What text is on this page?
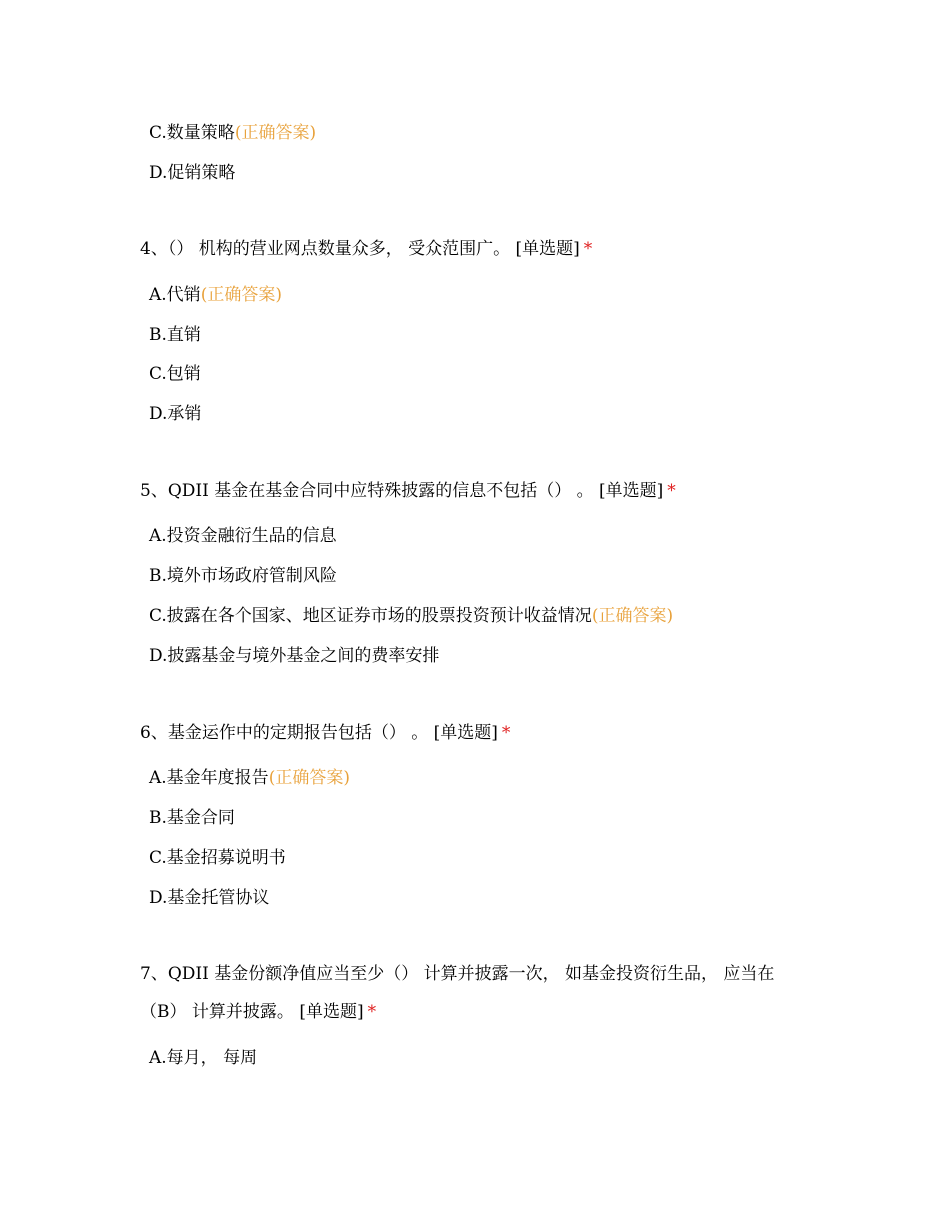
C.数量策略(正确答案)
D.促销策略
4、（） 机构的营业网点数量众多， 受众范围广。 [单选题] *
A.代销(正确答案)
B.直销
C.包销
D.承销
5、QDII 基金在基金合同中应特殊披露的信息不包括（） 。 [单选题] *
A.投资金融衍生品的信息
B.境外市场政府管制风险
C.披露在各个国家、地区证券市场的股票投资预计收益情况(正确答案)
D.披露基金与境外基金之间的费率安排
6、基金运作中的定期报告包括（） 。 [单选题] *
A.基金年度报告(正确答案)
B.基金合同
C.基金招募说明书
D.基金托管协议
7、QDII 基金份额净值应当至少（） 计算并披露一次， 如基金投资衍生品， 应当在（B） 计算并披露。 [单选题] *
A.每月， 每周
